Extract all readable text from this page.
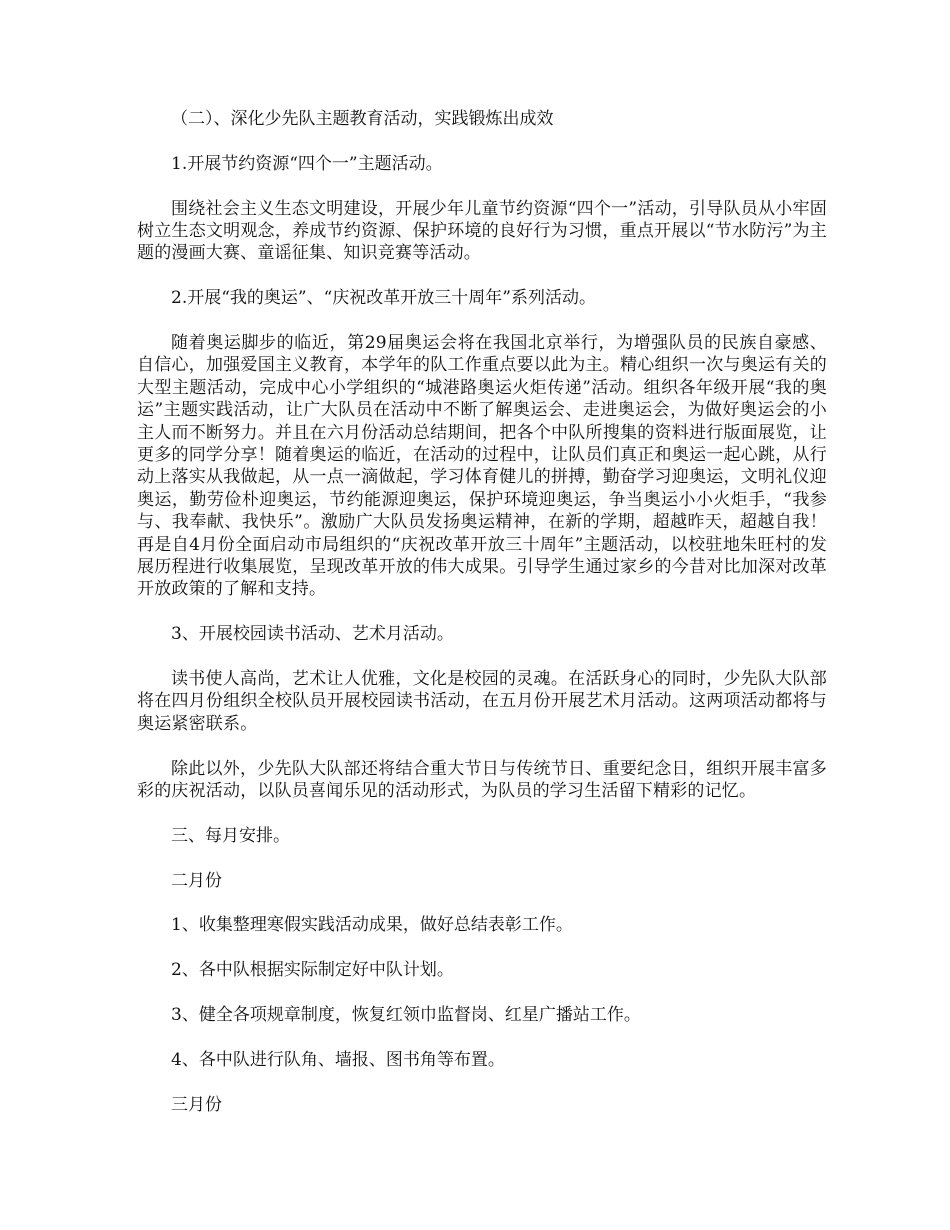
（二）、深化少先队主题教育活动，实践锻炼出成效

1.开展节约资源“四个一”主题活动。

围绕社会主义生态文明建设，开展少年儿童节约资源“四个一”活动，引导队员从小牢固树立生态文明观念，养成节约资源、保护环境的良好行为习惯，重点开展以“节水防污”为主题的漫画大赛、童谣征集、知识竞赛等活动。

2.开展“我的奥运”、“庆祝改革开放三十周年”系列活动。

随着奥运脚步的临近，第29届奥运会将在我国北京举行，为增强队员的民族自豪感、自信心，加强爱国主义教育，本学年的队工作重点要以此为主。精心组织一次与奥运有关的大型主题活动，完成中心小学组织的“城港路奥运火炬传递”活动。组织各年级开展“我的奥运”主题实践活动，让广大队员在活动中不断了解奥运会、走进奥运会，为做好奥运会的小主人而不断努力。并且在六月份活动总结期间，把各个中队所搜集的资料进行版面展览，让更多的同学分享！随着奥运的临近，在活动的过程中，让队员们真正和奥运一起心跳，从行动上落实从我做起，从一点一滴做起，学习体育健儿的拼搏，勤奋学习迎奥运，文明礼仪迎奥运，勤劳俭朴迎奥运，节约能源迎奥运，保护环境迎奥运，争当奥运小小火炬手，“我参与、我奉献、我快乐”。激励广大队员发扬奥运精神，在新的学期，超越昨天，超越自我！再是自4月份全面启动市局组织的“庆祝改革开放三十周年”主题活动，以校驻地朱旺村的发展历程进行收集展览，呈现改革开放的伟大成果。引导学生通过家乡的今昔对比加深对改革开放政策的了解和支持。

3、开展校园读书活动、艺术月活动。

读书使人高尚，艺术让人优雅，文化是校园的灵魂。在活跃身心的同时，少先队大队部将在四月份组织全校队员开展校园读书活动，在五月份开展艺术月活动。这两项活动都将与奥运紧密联系。

除此以外，少先队大队部还将结合重大节日与传统节日、重要纪念日，组织开展丰富多彩的庆祝活动，以队员喜闻乐见的活动形式，为队员的学习生活留下精彩的记忆。

三、每月安排。

二月份

1、收集整理寒假实践活动成果，做好总结表彰工作。

2、各中队根据实际制定好中队计划。

3、健全各项规章制度，恢复红领巾监督岗、红星广播站工作。

4、各中队进行队角、墙报、图书角等布置。

三月份
